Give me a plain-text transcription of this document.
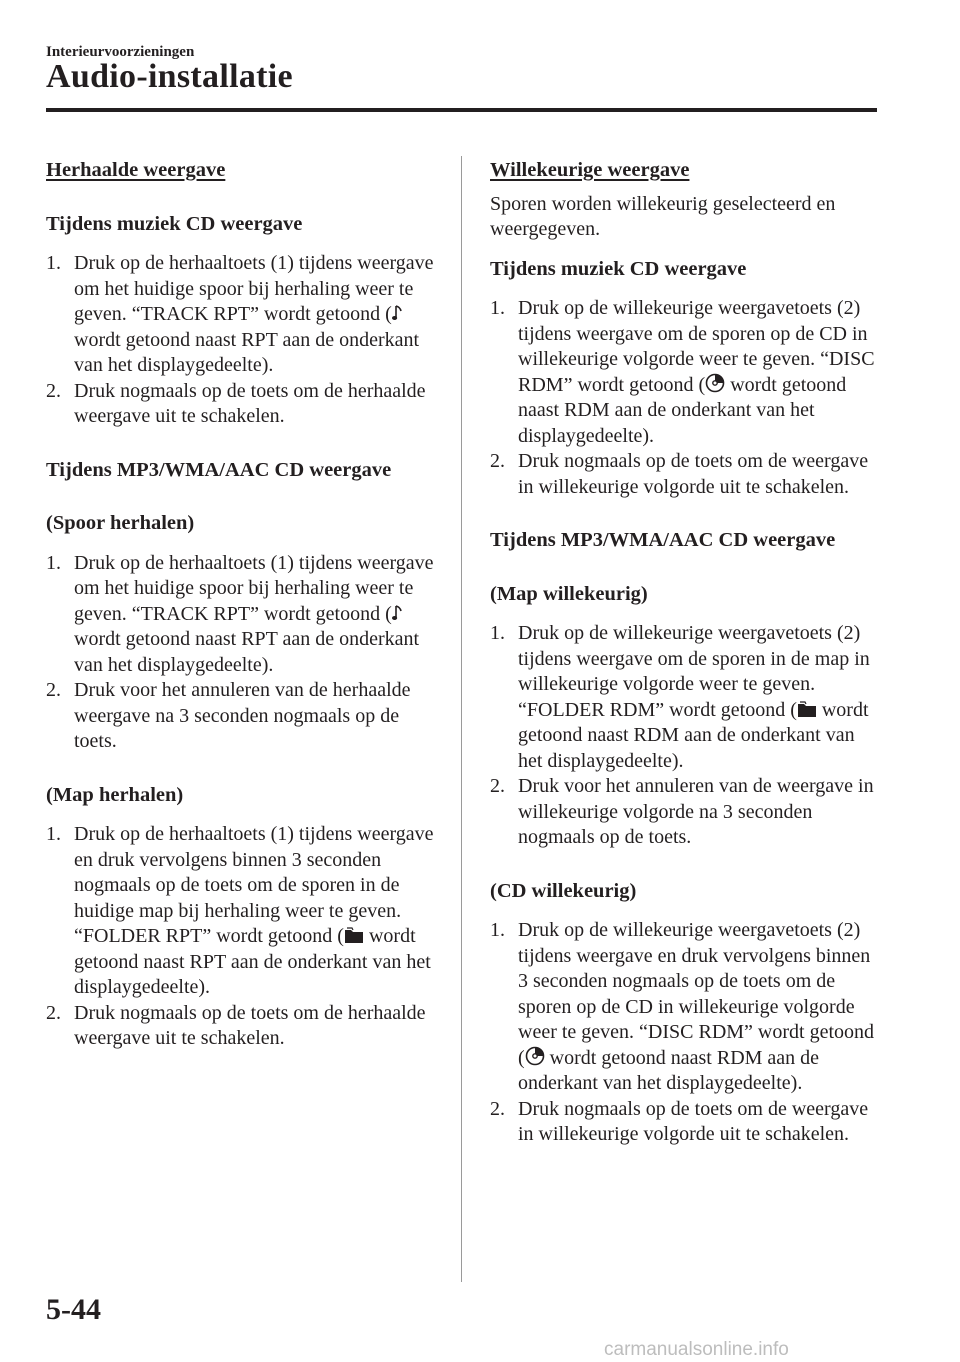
Interieurvoorzieningen
Audio-installatie
Herhaalde weergave
Tijdens muziek CD weergave
1. Druk op de herhaaltoets (1) tijdens weergave om het huidige spoor bij herhaling weer te geven. “TRACK RPT” wordt getoond (
wordt getoond naast RPT aan de onderkant van het displaygedeelte).
2. Druk nogmaals op de toets om de herhaalde weergave uit te schakelen.
Tijdens MP3/WMA/AAC CD weergave
(Spoor herhalen)
1. Druk op de herhaaltoets (1) tijdens weergave om het huidige spoor bij herhaling weer te geven. “TRACK RPT” wordt getoond (
wordt getoond naast RPT aan de onderkant van het displaygedeelte).
2. Druk voor het annuleren van de herhaalde weergave na 3 seconden nogmaals op de toets.
(Map herhalen)
1. Druk op de herhaaltoets (1) tijdens weergave en druk vervolgens binnen 3 seconden nogmaals op de toets om de sporen in de huidige map bij herhaling weer te geven. “FOLDER RPT” wordt getoond (
wordt getoond naast RPT aan de onderkant van het displaygedeelte).
2. Druk nogmaals op de toets om de herhaalde weergave uit te schakelen.
Willekeurige weergave
Sporen worden willekeurig geselecteerd en weergegeven.
Tijdens muziek CD weergave
1. Druk op de willekeurige weergavetoets (2) tijdens weergave om de sporen op de CD in willekeurige volgorde weer te geven. “DISC RDM” wordt getoond (
wordt getoond naast RDM aan de onderkant van het displaygedeelte).
2. Druk nogmaals op de toets om de weergave in willekeurige volgorde uit te schakelen.
Tijdens MP3/WMA/AAC CD weergave
(Map willekeurig)
1. Druk op de willekeurige weergavetoets (2) tijdens weergave om de sporen in de map in willekeurige volgorde weer te geven. “FOLDER RDM” wordt getoond (
wordt getoond naast RDM aan de onderkant van het displaygedeelte).
2. Druk voor het annuleren van de weergave in willekeurige volgorde na 3 seconden nogmaals op de toets.
(CD willekeurig)
1. Druk op de willekeurige weergavetoets (2) tijdens weergave en druk vervolgens binnen 3 seconden nogmaals op de toets om de sporen op de CD in willekeurige volgorde weer te geven. “DISC RDM” wordt getoond (
wordt getoond naast RDM aan de onderkant van het displaygedeelte).
2. Druk nogmaals op de toets om de weergave in willekeurige volgorde uit te schakelen.
5-44
carmanualsonline.info
